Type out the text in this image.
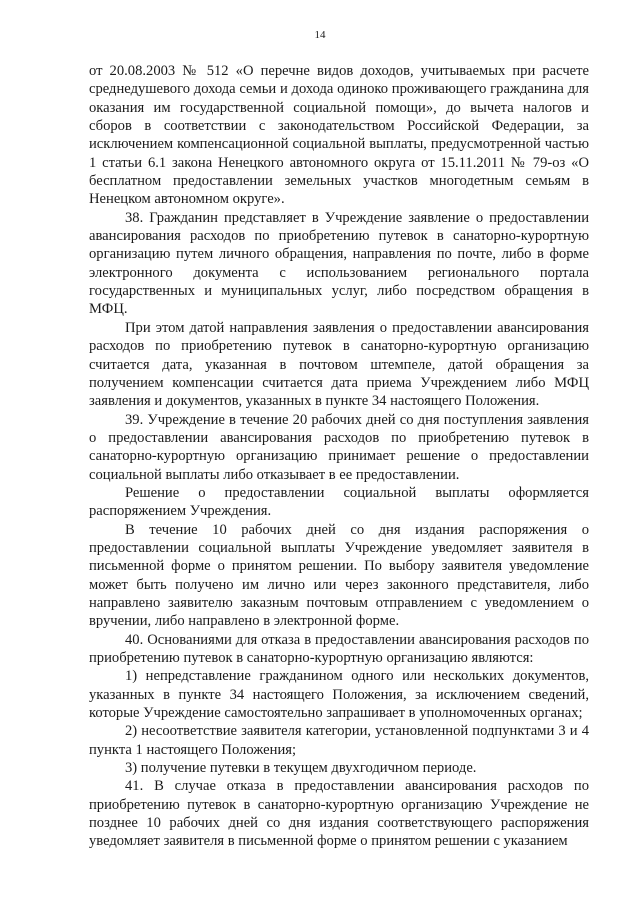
14

от 20.08.2003 № 512 «О перечне видов доходов, учитываемых при расчете среднедушевого дохода семьи и дохода одиноко проживающего гражданина для оказания им государственной социальной помощи», до вычета налогов и сборов в соответствии с законодательством Российской Федерации, за исключением компенсационной социальной выплаты, предусмотренной частью 1 статьи 6.1 закона Ненецкого автономного округа от 15.11.2011 № 79-оз «О бесплатном предоставлении земельных участков многодетным семьям в Ненецком автономном округе».

38. Гражданин представляет в Учреждение заявление о предоставлении авансирования расходов по приобретению путевок в санаторно-курортную организацию путем личного обращения, направления по почте, либо в форме электронного документа с использованием регионального портала государственных и муниципальных услуг, либо посредством обращения в МФЦ.

При этом датой направления заявления о предоставлении авансирования расходов по приобретению путевок в санаторно-курортную организацию считается дата, указанная в почтовом штемпеле, датой обращения за получением компенсации считается дата приема Учреждением либо МФЦ заявления и документов, указанных в пункте 34 настоящего Положения.

39. Учреждение в течение 20 рабочих дней со дня поступления заявления о предоставлении авансирования расходов по приобретению путевок в санаторно-курортную организацию принимает решение о предоставлении социальной выплаты либо отказывает в ее предоставлении.

Решение о предоставлении социальной выплаты оформляется распоряжением Учреждения.

В течение 10 рабочих дней со дня издания распоряжения о предоставлении социальной выплаты Учреждение уведомляет заявителя в письменной форме о принятом решении. По выбору заявителя уведомление может быть получено им лично или через законного представителя, либо направлено заявителю заказным почтовым отправлением с уведомлением о вручении, либо направлено в электронной форме.

40. Основаниями для отказа в предоставлении авансирования расходов по приобретению путевок в санаторно-курортную организацию являются:

1) непредставление гражданином одного или нескольких документов, указанных в пункте 34 настоящего Положения, за исключением сведений, которые Учреждение самостоятельно запрашивает в уполномоченных органах;

2) несоответствие заявителя категории, установленной подпунктами 3 и 4 пункта 1 настоящего Положения;

3) получение путевки в текущем двухгодичном периоде.

41. В случае отказа в предоставлении авансирования расходов по приобретению путевок в санаторно-курортную организацию Учреждение не позднее 10 рабочих дней со дня издания соответствующего распоряжения уведомляет заявителя в письменной форме о принятом решении с указанием
